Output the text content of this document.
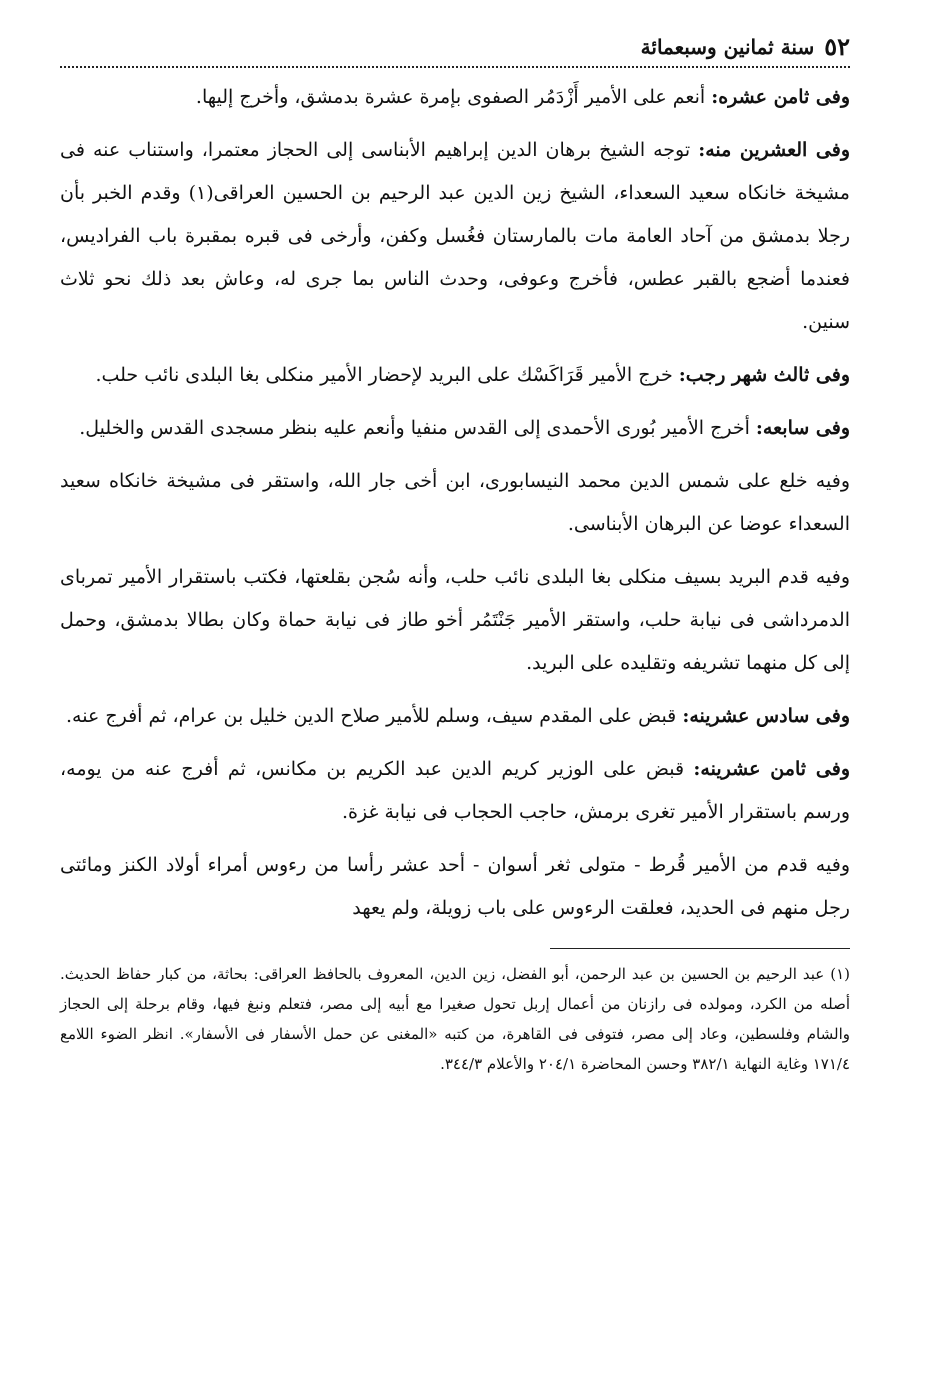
٥٢
سنة ثمانين وسبعمائة

وفى ثامن عشره: أنعم على الأمير أَزْدَمُر الصفوى بإمرة عشرة بدمشق، وأخرج إليها.

وفى العشرين منه: توجه الشيخ برهان الدين إبراهيم الأبناسى إلى الحجاز معتمرا، واستناب عنه فى مشيخة خانكاه سعيد السعداء، الشيخ زين الدين عبد الرحيم بن الحسين العراقى(١) وقدم الخبر بأن رجلا بدمشق من آحاد العامة مات بالمارستان فغُسل وكفن، وأرخى فى قبره بمقبرة باب الفراديس، فعندما أضجع بالقبر عطس، فأخرج وعوفى، وحدث الناس بما جرى له، وعاش بعد ذلك نحو ثلاث سنين.

وفى ثالث شهر رجب: خرج الأمير قَرَاكَسْك على البريد لإحضار الأمير منكلى بغا البلدى نائب حلب.

وفى سابعه: أخرج الأمير بُورى الأحمدى إلى القدس منفيا وأنعم عليه بنظر مسجدى القدس والخليل.

وفيه خلع على شمس الدين محمد النيسابورى، ابن أخى جار الله، واستقر فى مشيخة خانكاه سعيد السعداء عوضا عن البرهان الأبناسى.

وفيه قدم البريد بسيف منكلى بغا البلدى نائب حلب، وأنه سُجن بقلعتها، فكتب باستقرار الأمير تمربای الدمرداشى فى نيابة حلب، واستقر الأمير جَنْتَمُر أخو طاز فى نيابة حماة وكان بطالا بدمشق، وحمل إلى كل منهما تشريفه وتقليده على البريد.

وفى سادس عشرينه: قبض على المقدم سيف، وسلم للأمير صلاح الدين خليل بن عرام، ثم أفرج عنه.

وفى ثامن عشرينه: قبض على الوزير كريم الدين عبد الكريم بن مكانس، ثم أفرج عنه من يومه، ورسم باستقرار الأمير تغرى برمش، حاجب الحجاب فى نيابة غزة.

وفيه قدم من الأمير قُرط - متولى ثغر أسوان - أحد عشر رأسا من رءوس أمراء أولاد الكنز ومائتى رجل منهم فى الحديد، فعلقت الرءوس على باب زويلة، ولم يعهد

(١) عبد الرحيم بن الحسين بن عبد الرحمن، أبو الفضل، زين الدين، المعروف بالحافظ العراقى: بحاثة، من كبار حفاظ الحديث. أصله من الكرد، ومولده فى رازنان من أعمال إربل تحول صغيرا مع أبيه إلى مصر، فتعلم ونبغ فيها، وقام برحلة إلى الحجاز والشام وفلسطين، وعاد إلى مصر، فتوفى فى القاهرة، من كتبه «المغنى عن حمل الأسفار فى الأسفار». انظر الضوء اللامع ١٧١/٤ وغاية النهاية ٣٨٢/١ وحسن المحاضرة ٢٠٤/١ والأعلام ٣٤٤/٣.
